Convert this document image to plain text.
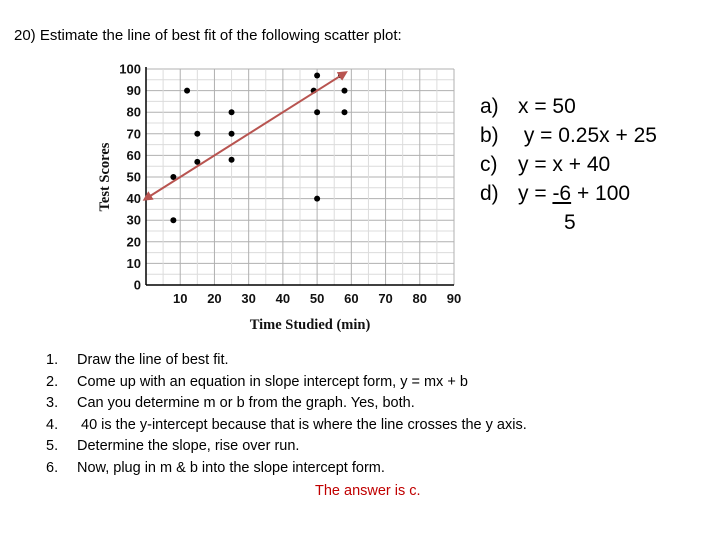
20) Estimate the line of best fit of the following scatter plot:
0
10
20
30
40
50
60
70
80
90
100
10 20 30 40 50 60 70 80 90
Time Studied (min)
Test Scores
a) x = 50
b) y = 0.25x + 25
c) y = x + 40
d) y = -6 + 100
5
1.	Draw the line of best fit.
2.	Come up with an equation in slope intercept form, y = mx + b
3.	Can you determine m or b from the graph. Yes, both.
4.	40 is the y-intercept because that is where the line crosses the y axis.
5.	Determine the slope, rise over run.
6.	Now, plug in m & b into the slope intercept form.
The answer is c.
